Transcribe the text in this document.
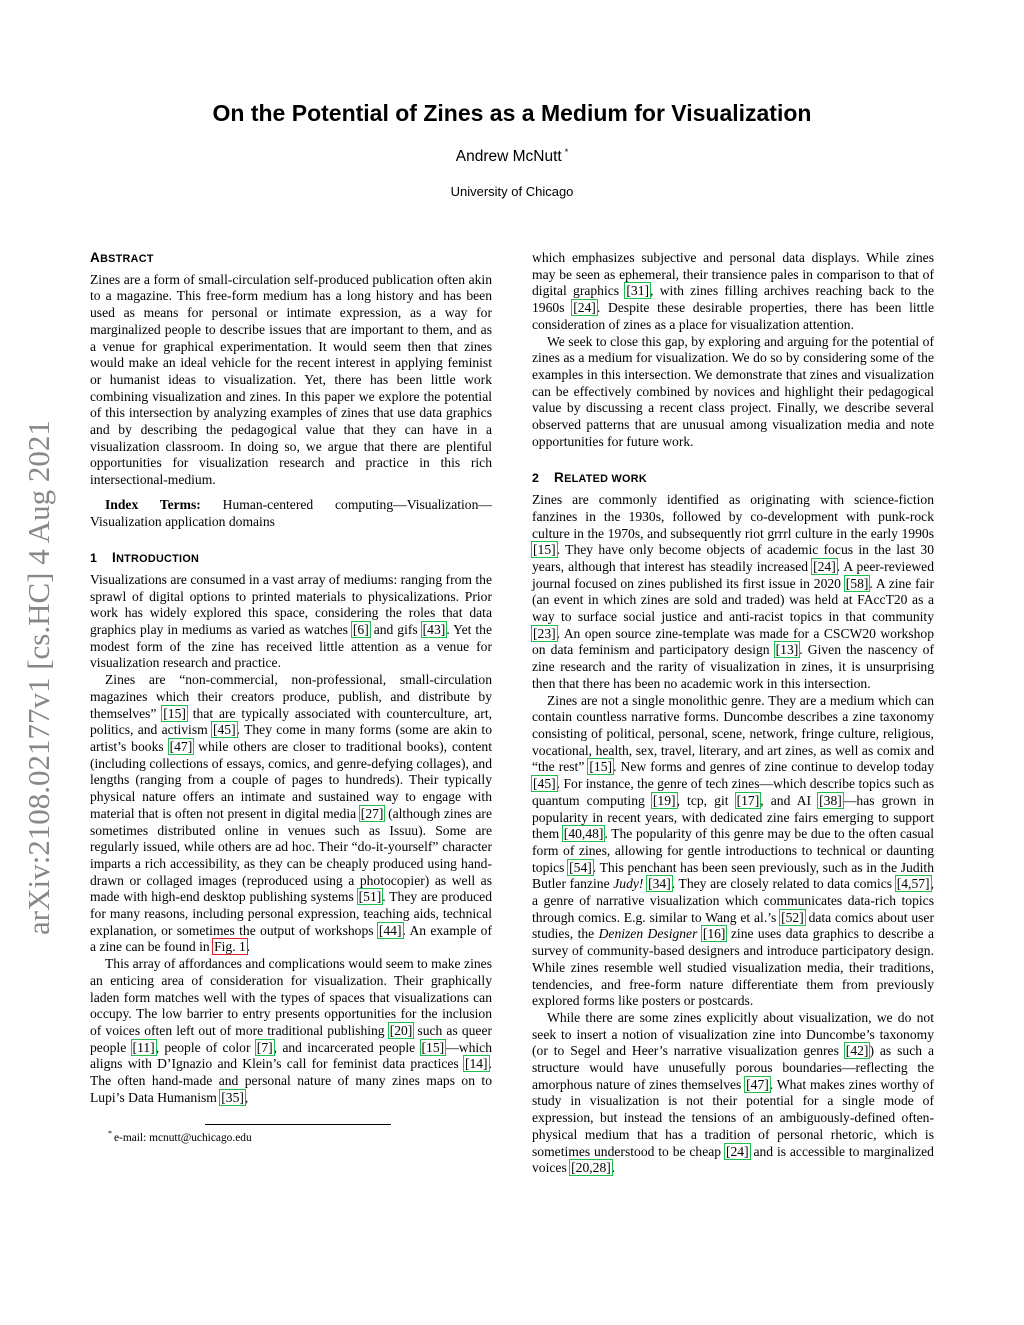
arXiv:2108.02177v1 [cs.HC] 4 Aug 2021
On the Potential of Zines as a Medium for Visualization
Andrew McNutt *
University of Chicago
ABSTRACT

Zines are a form of small-circulation self-produced publication often akin to a magazine. This free-form medium has a long history and has been used as means for personal or intimate expression, as a way for marginalized people to describe issues that are important to them, and as a venue for graphical experimentation. It would seem then that zines would make an ideal vehicle for the recent interest in applying feminist or humanist ideas to visualization. Yet, there has been little work combining visualization and zines. In this paper we explore the potential of this intersection by analyzing examples of zines that use data graphics and by describing the pedagogical value that they can have in a visualization classroom. In doing so, we argue that there are plentiful opportunities for visualization research and practice in this rich intersectional-medium.

Index Terms: Human-centered computing—Visualization— Visualization application domains

1 INTRODUCTION

Visualizations are consumed in a vast array of mediums: ranging from the sprawl of digital options to printed materials to physicalizations. Prior work has widely explored this space, considering the roles that data graphics play in mediums as varied as watches [6] and gifs [43]. Yet the modest form of the zine has received little attention as a venue for visualization research and practice.

Zines are “non-commercial, non-professional, small-circulation magazines which their creators produce, publish, and distribute by themselves” [15] that are typically associated with counterculture, art, politics, and activism [45]. They come in many forms (some are akin to artist’s books [47] while others are closer to traditional books), content (including collections of essays, comics, and genre-defying collages), and lengths (ranging from a couple of pages to hundreds). Their typically physical nature offers an intimate and sustained way to engage with material that is often not present in digital media [27] (although zines are sometimes distributed online in venues such as Issuu). Some are regularly issued, while others are ad hoc. Their “do-it-yourself” character imparts a rich accessibility, as they can be cheaply produced using hand-drawn or collaged images (reproduced using a photocopier) as well as made with high-end desktop publishing systems [51]. They are produced for many reasons, including personal expression, teaching aids, technical explanation, or sometimes the output of workshops [44]. An example of a zine can be found in Fig. 1.

This array of affordances and complications would seem to make zines an enticing area of consideration for visualization. Their graphically laden form matches well with the types of spaces that visualizations can occupy. The low barrier to entry presents opportunities for the inclusion of voices often left out of more traditional publishing [20] such as queer people [11], people of color [7], and incarcerated people [15]—which aligns with D’Ignazio and Klein’s call for feminist data practices [14]. The often hand-made and personal nature of many zines maps on to Lupi’s Data Humanism [35],

* e-mail: mcnutt@uchicago.edu

which emphasizes subjective and personal data displays. While zines may be seen as ephemeral, their transience pales in comparison to that of digital graphics [31], with zines filling archives reaching back to the 1960s [24]. Despite these desirable properties, there has been little consideration of zines as a place for visualization attention.

We seek to close this gap, by exploring and arguing for the potential of zines as a medium for visualization. We do so by considering some of the examples in this intersection. We demonstrate that zines and visualization can be effectively combined by novices and highlight their pedagogical value by discussing a recent class project. Finally, we describe several observed patterns that are unusual among visualization media and note opportunities for future work.

2 RELATED WORK

Zines are commonly identified as originating with science-fiction fanzines in the 1930s, followed by co-development with punk-rock culture in the 1970s, and subsequently riot grrrl culture in the early 1990s [15]. They have only become objects of academic focus in the last 30 years, although that interest has steadily increased [24]. A peer-reviewed journal focused on zines published its first issue in 2020 [58]. A zine fair (an event in which zines are sold and traded) was held at FAccT20 as a way to surface social justice and anti-racist topics in that community [23]. An open source zine-template was made for a CSCW20 workshop on data feminism and participatory design [13]. Given the nascency of zine research and the rarity of visualization in zines, it is unsurprising then that there has been no academic work in this intersection.

Zines are not a single monolithic genre. They are a medium which can contain countless narrative forms. Duncombe describes a zine taxonomy consisting of political, personal, scene, network, fringe culture, religious, vocational, health, sex, travel, literary, and art zines, as well as comix and “the rest” [15]. New forms and genres of zine continue to develop today [45]. For instance, the genre of tech zines—which describe topics such as quantum computing [19], tcp, git [17], and AI [38]—has grown in popularity in recent years, with dedicated zine fairs emerging to support them [40,48]. The popularity of this genre may be due to the often casual form of zines, allowing for gentle introductions to technical or daunting topics [54]. This penchant has been seen previously, such as in the Judith Butler fanzine Judy! [34]. They are closely related to data comics [4,57], a genre of narrative visualization which communicates data-rich topics through comics. E.g. similar to Wang et al.’s [52] data comics about user studies, the Denizen Designer [16] zine uses data graphics to describe a survey of community-based designers and introduce participatory design. While zines resemble well studied visualization media, their traditions, tendencies, and free-form nature differentiate them from previously explored forms like posters or postcards.

While there are some zines explicitly about visualization, we do not seek to insert a notion of visualization zine into Duncombe’s taxonomy (or to Segel and Heer’s narrative visualization genres [42]) as such a structure would have unusefully porous boundaries—reflecting the amorphous nature of zines themselves [47]. What makes zines worthy of study in visualization is not their potential for a single mode of expression, but instead the tensions of an ambiguously-defined often-physical medium that has a tradition of personal rhetoric, which is sometimes understood to be cheap [24] and is accessible to marginalized voices [20,28].
